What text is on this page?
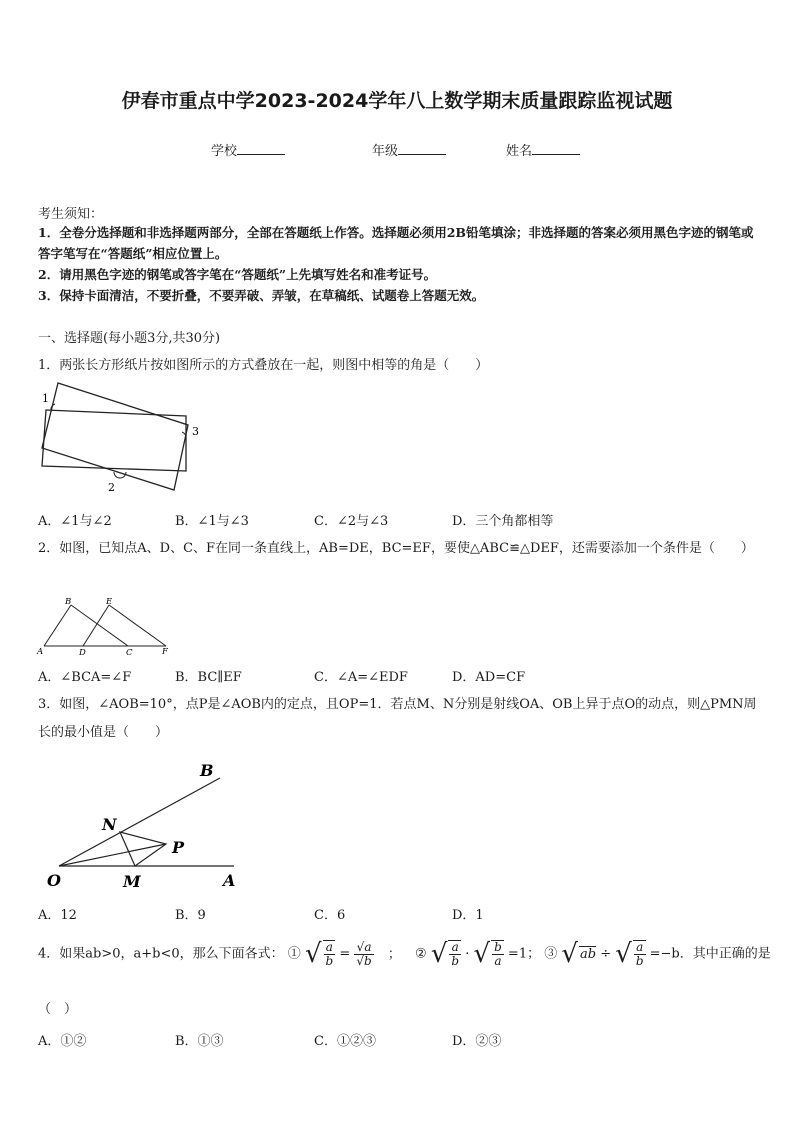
伊春市重点中学2023-2024学年八上数学期末质量跟踪监视试题
学校	年级	姓名
考生须知：
1．全卷分选择题和非选择题两部分，全部在答题纸上作答。选择题必须用2B铅笔填涂；非选择题的答案必须用黑色字迹的钢笔或答字笔写在“答题纸”相应位置上。
2．请用黑色字迹的钢笔或答字笔在“答题纸”上先填写姓名和准考证号。
3．保持卡面清洁，不要折叠，不要弄破、弄皱，在草稿纸、试题卷上答题无效。
一、选择题(每小题3分,共30分)
1．两张长方形纸片按如图所示的方式叠放在一起，则图中相等的角是（　　）
1
2
3
A．∠1与∠2	B．∠1与∠3	C．∠2与∠3	D．三个角都相等
2．如图，已知点A、D、C、F在同一条直线上，AB=DE，BC=EF，要使△ABC≌△DEF，还需要添加一个条件是（　　）
B	E
A	D	C	F
A．∠BCA=∠F	B．BC∥EF	C．∠A=∠EDF	D．AD=CF
3．如图，∠AOB=10°，点P是∠AOB内的定点，且OP=1．若点M、N分别是射线OA、OB上异于点O的动点，则△PMN周长的最小值是（　　）
B
N
P
O	M	A
A．12	B．9	C．6	D．1
4．如果ab>0，a+b<0，那么下面各式： ① √ $\frac{a}{b} = \frac{√a}{√b}$ ； ② √ $\frac{a}{b}$ · √ $\frac{b}{a} =1$； ③ √ ab ÷ √ $\frac{a}{b} =-b$．其中正确的是
（　）
A．①②	B．①③	C．①②③	D．②③
